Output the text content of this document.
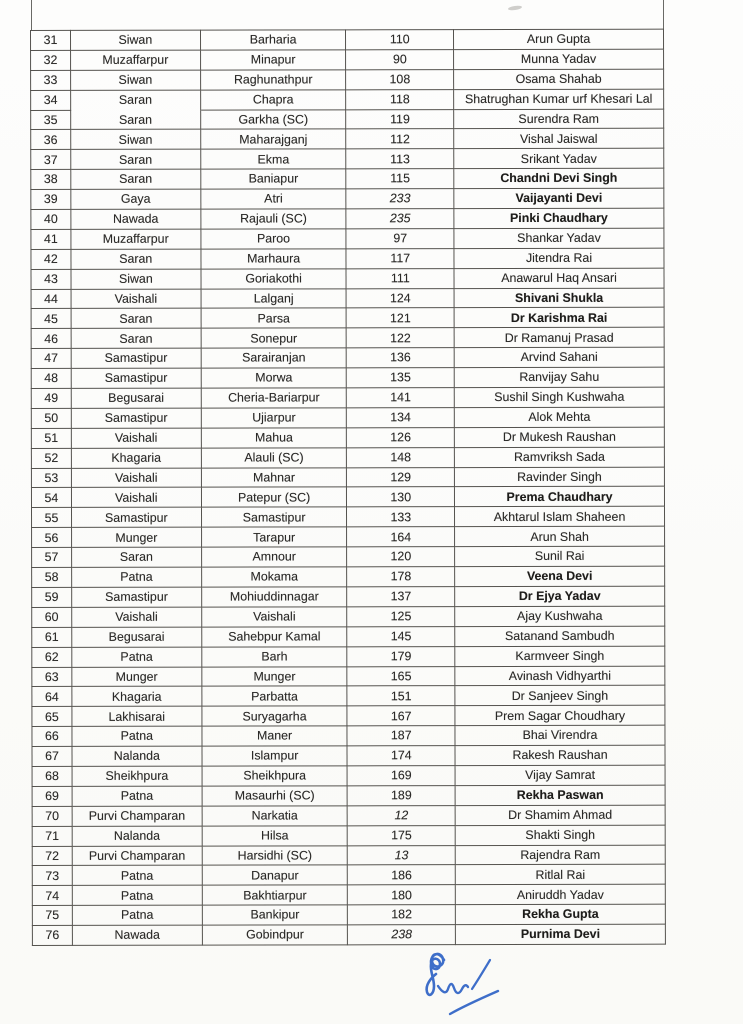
31	Siwan	Barharia	110	Arun Gupta
32	Muzaffarpur	Minapur	90	Munna Yadav
33	Siwan	Raghunathpur	108	Osama Shahab
34	Saran	Chapra	118	Shatrughan Kumar urf Khesari Lal
35	Saran	Garkha (SC)	119	Surendra Ram
36	Siwan	Maharajganj	112	Vishal Jaiswal
37	Saran	Ekma	113	Srikant Yadav
38	Saran	Baniapur	115	Chandni Devi Singh
39	Gaya	Atri	233	Vaijayanti Devi
40	Nawada	Rajauli (SC)	235	Pinki Chaudhary
41	Muzaffarpur	Paroo	97	Shankar Yadav
42	Saran	Marhaura	117	Jitendra Rai
43	Siwan	Goriakothi	111	Anawarul Haq Ansari
44	Vaishali	Lalganj	124	Shivani Shukla
45	Saran	Parsa	121	Dr Karishma Rai
46	Saran	Sonepur	122	Dr Ramanuj Prasad
47	Samastipur	Sarairanjan	136	Arvind Sahani
48	Samastipur	Morwa	135	Ranvijay Sahu
49	Begusarai	Cheria-Bariarpur	141	Sushil Singh Kushwaha
50	Samastipur	Ujiarpur	134	Alok Mehta
51	Vaishali	Mahua	126	Dr Mukesh Raushan
52	Khagaria	Alauli (SC)	148	Ramvriksh Sada
53	Vaishali	Mahnar	129	Ravinder Singh
54	Vaishali	Patepur (SC)	130	Prema Chaudhary
55	Samastipur	Samastipur	133	Akhtarul Islam Shaheen
56	Munger	Tarapur	164	Arun Shah
57	Saran	Amnour	120	Sunil Rai
58	Patna	Mokama	178	Veena Devi
59	Samastipur	Mohiuddinnagar	137	Dr Ejya Yadav
60	Vaishali	Vaishali	125	Ajay Kushwaha
61	Begusarai	Sahebpur Kamal	145	Satanand Sambudh
62	Patna	Barh	179	Karmveer Singh
63	Munger	Munger	165	Avinash Vidhyarthi
64	Khagaria	Parbatta	151	Dr Sanjeev Singh
65	Lakhisarai	Suryagarha	167	Prem Sagar Choudhary
66	Patna	Maner	187	Bhai Virendra
67	Nalanda	Islampur	174	Rakesh Raushan
68	Sheikhpura	Sheikhpura	169	Vijay Samrat
69	Patna	Masaurhi (SC)	189	Rekha Paswan
70	Purvi Champaran	Narkatia	12	Dr Shamim Ahmad
71	Nalanda	Hilsa	175	Shakti Singh
72	Purvi Champaran	Harsidhi (SC)	13	Rajendra Ram
73	Patna	Danapur	186	Ritlal Rai
74	Patna	Bakhtiarpur	180	Aniruddh Yadav
75	Patna	Bankipur	182	Rekha Gupta
76	Nawada	Gobindpur	238	Purnima Devi
